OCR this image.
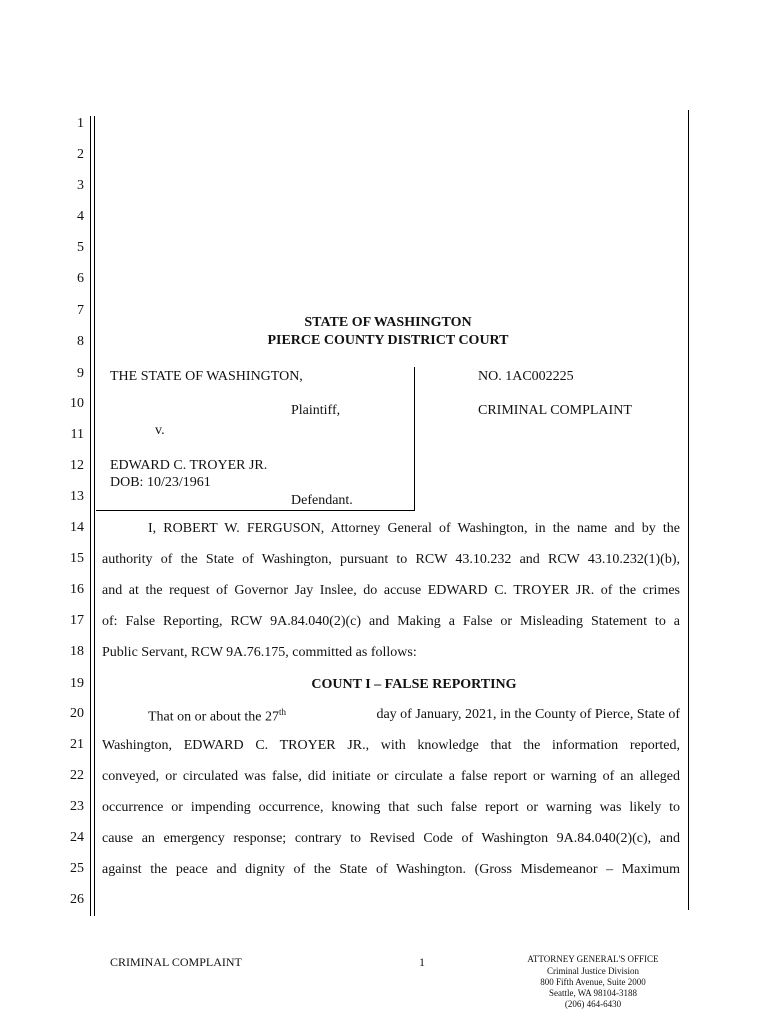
1
2
3
4
5
6
7
8
9
10
11
12
13
14
15
16
17
18
19
20
21
22
23
24
25
26
STATE OF WASHINGTON
PIERCE COUNTY DISTRICT COURT
THE STATE OF WASHINGTON,
Plaintiff,
v.
EDWARD C. TROYER JR.
DOB: 10/23/1961
Defendant.
NO. 1AC002225
CRIMINAL COMPLAINT
I, ROBERT W. FERGUSON, Attorney General of Washington, in the name and by the
authority of the State of Washington, pursuant to RCW 43.10.232 and RCW 43.10.232(1)(b),
and at the request of Governor Jay Inslee, do accuse EDWARD C. TROYER JR. of the crimes
of: False Reporting, RCW 9A.84.040(2)(c) and Making a False or Misleading Statement to a
Public Servant, RCW 9A.76.175, committed as follows:
COUNT I – FALSE REPORTING
That on or about the 27th	day of January, 2021, in the County of Pierce, State of
Washington, EDWARD C. TROYER JR., with knowledge that the information reported,
conveyed, or circulated was false, did initiate or circulate a false report or warning of an alleged
occurrence or impending occurrence, knowing that such false report or warning was likely to
cause an emergency response; contrary to Revised Code of Washington 9A.84.040(2)(c), and
against the peace and dignity of the State of Washington. (Gross Misdemeanor – Maximum
CRIMINAL COMPLAINT	1	ATTORNEY GENERAL'S OFFICE
Criminal Justice Division
800 Fifth Avenue, Suite 2000
Seattle, WA 98104-3188
(206) 464-6430
